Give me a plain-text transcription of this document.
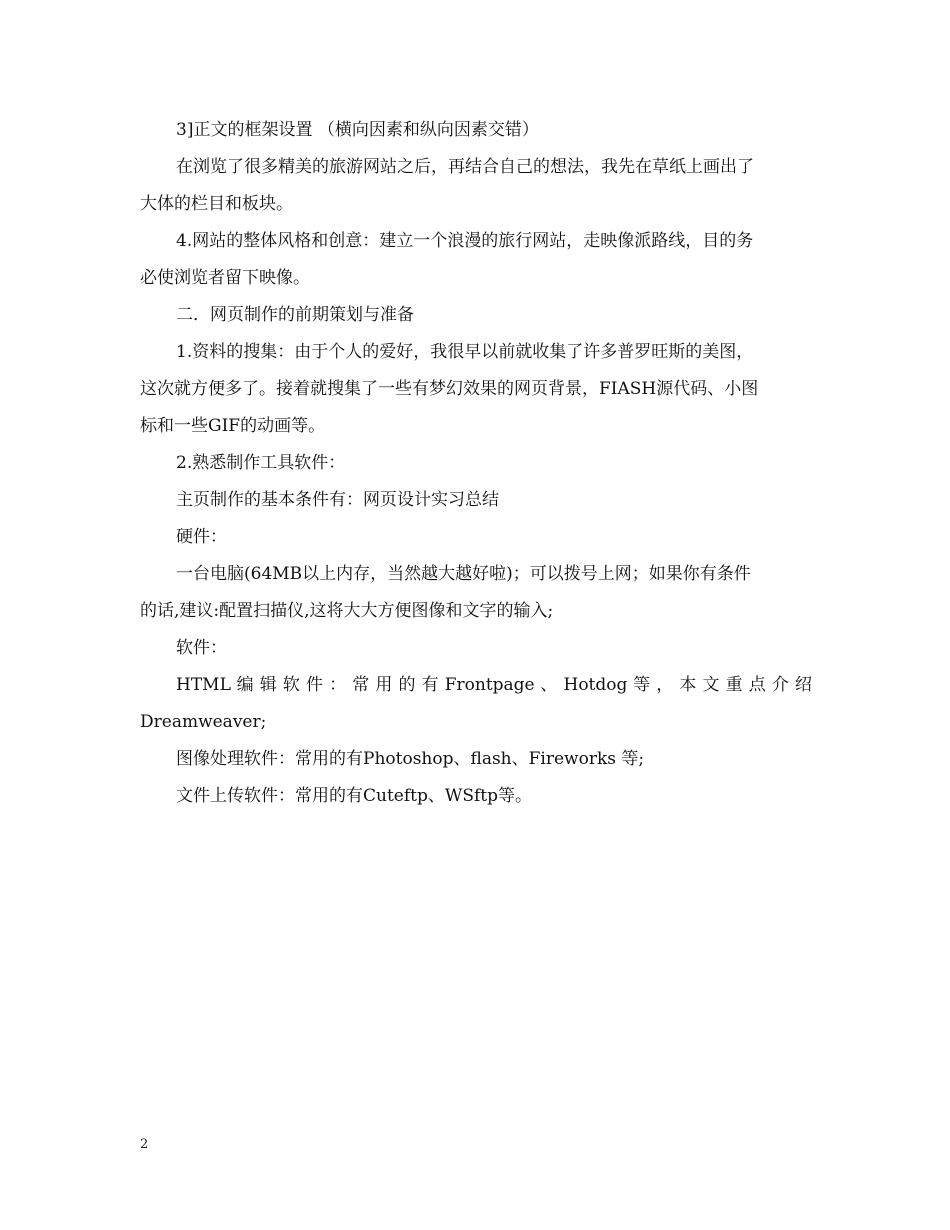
3]正文的框架设置 （横向因素和纵向因素交错）
在浏览了很多精美的旅游网站之后，再结合自己的想法，我先在草纸上画出了
大体的栏目和板块。
4.网站的整体风格和创意：建立一个浪漫的旅行网站，走映像派路线，目的务
必使浏览者留下映像。
二．网页制作的前期策划与准备
1.资料的搜集：由于个人的爱好，我很早以前就收集了许多普罗旺斯的美图，
这次就方便多了。接着就搜集了一些有梦幻效果的网页背景，FIASH源代码、小图
标和一些GIF的动画等。
2.熟悉制作工具软件：
主页制作的基本条件有：网页设计实习总结
硬件：
一台电脑(64MB以上内存，当然越大越好啦)；可以拨号上网；如果你有条件
的话,建议:配置扫描仪,这将大大方便图像和文字的输入;
软件：
HTML 编 辑 软 件 ： 常 用 的 有 Frontpage 、 Hotdog 等 ， 本 文 重 点 介 绍
Dreamweaver;
图像处理软件：常用的有Photoshop、flash、Fireworks 等;
文件上传软件：常用的有Cuteftp、WSftp等。
2
